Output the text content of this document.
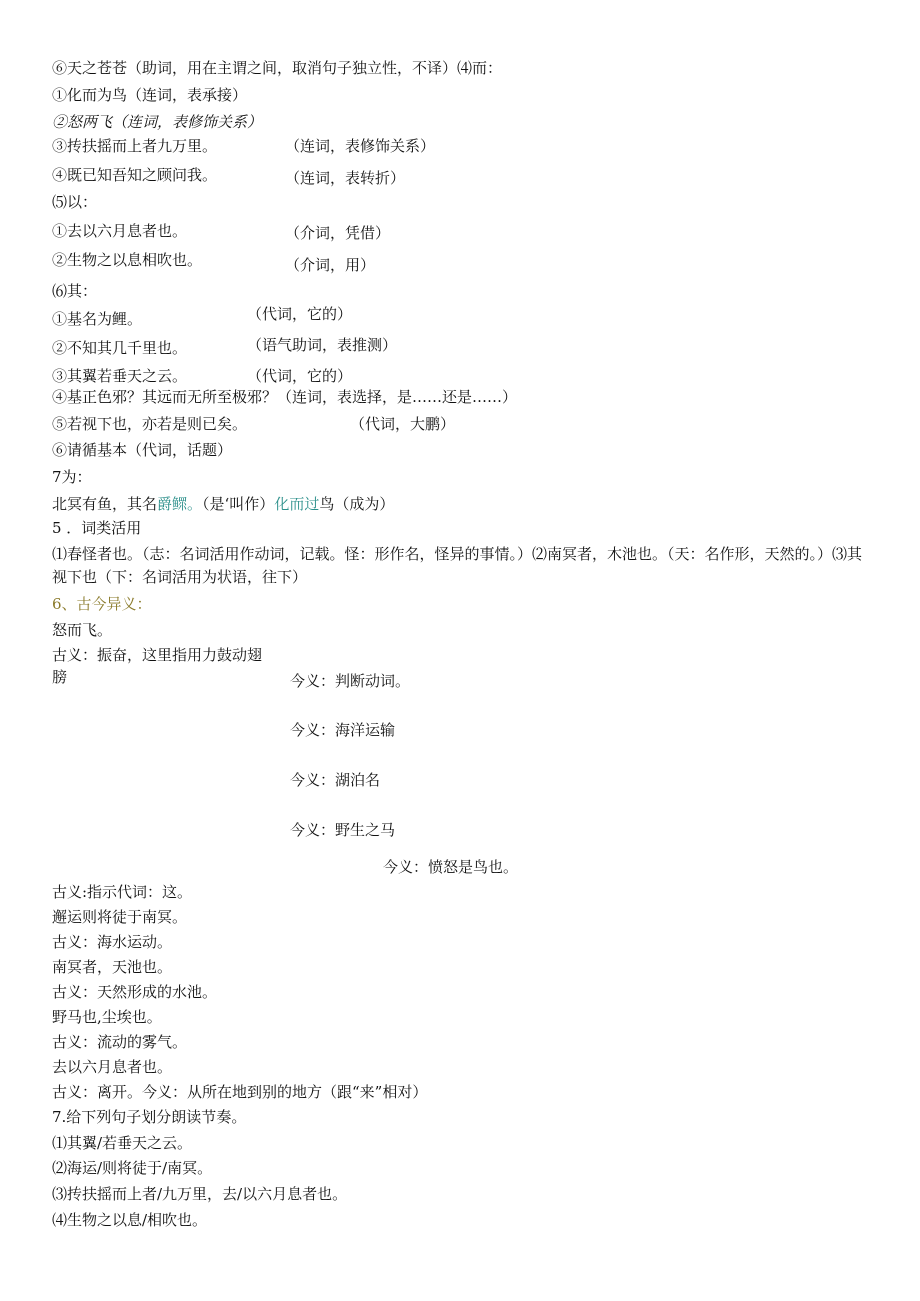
⑥天之苍苍（助词，用在主谓之间，取消句子独立性，不译）⑷而：
①化而为鸟（连词，表承接）
②怒两飞（连词，表修饰关系）
③抟扶摇而上者九万里。	（连词，表修饰关系）
④既已知吾知之顾问我。	（连词，表转折）
⑸以：
①去以六月息者也。	（介词，凭借）
②生物之以息相吹也。	（介词，用）
⑹其：
①基名为鲤。	（代词，它的）
②不知其几千里也。	（语气助词，表推测）
③其翼若垂天之云。	（代词，它的）
④基正色邪？其远而无所至极邪？（连词，表选择，是……还是……）
⑤若视下也，亦若是则已矣。	（代词，大鹏）
⑥请循基本（代词，话题）
7为：
北冥有鱼，其名爵鳏。（是‘叫作）化而过鸟（成为）
5 ．词类活用
⑴春怪者也。（志：名词活用作动词，记载。怪：形作名，怪异的事情。）⑵南冥者，木池也。（天：名作形，天然的。）⑶其视下也（下：名词活用为状语，往下）
6、古今异义：
怒而飞。
古义：振奋，这里指用力鼓动翅膀	今义：判断动词。
今义：海洋运输
今义：湖泊名
今义：野生之马
今义：愤怒是鸟也。
古义:指示代词：这。
邂运则将徒于南冥。
古义：海水运动。
南冥者，天池也。
古义：天然形成的水池。
野马也,尘埃也。
古义：流动的雾气。
去以六月息者也。
古义：离开。今义：从所在地到别的地方（跟“来”相对）
7.给下列句子划分朗读节奏。
⑴其翼/若垂天之云。
⑵海运/则将徒于/南冥。
⑶抟扶摇而上者/九万里，去/以六月息者也。
⑷生物之以息/相吹也。
